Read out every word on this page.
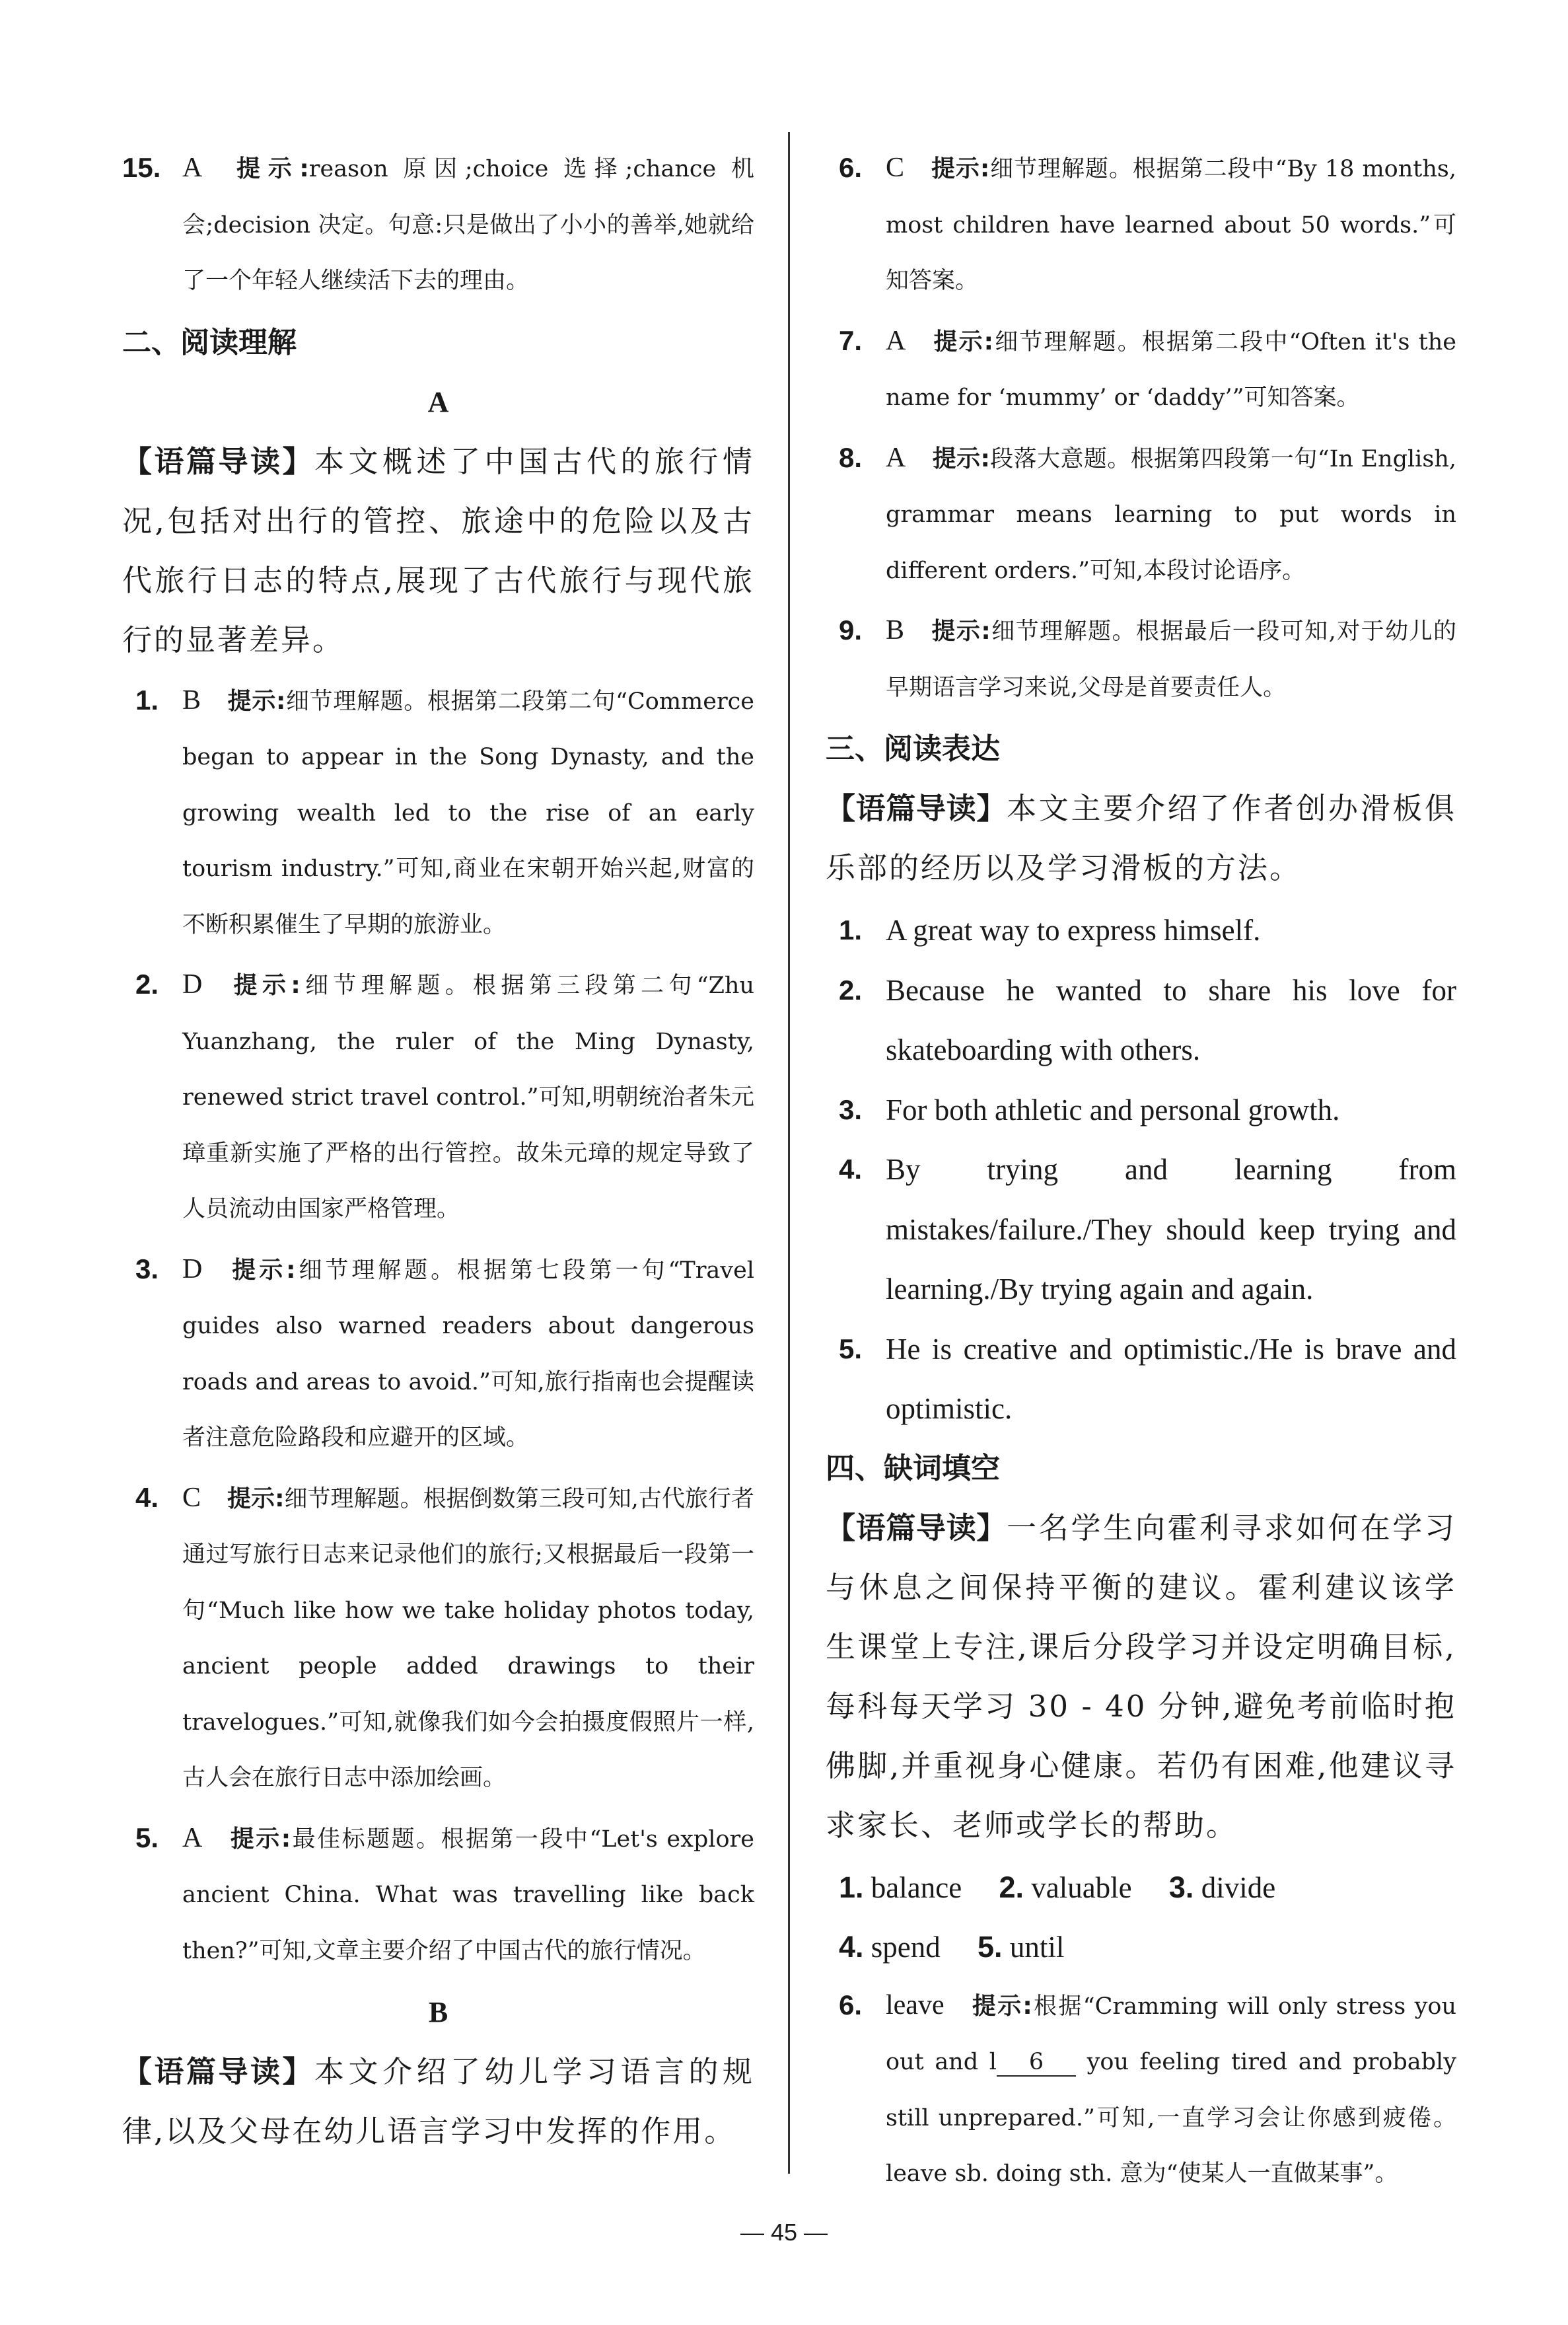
15. A 提示:reason 原因;choice 选择;chance 机会;decision 决定。句意:只是做出了小小的善举,她就给了一个年轻人继续活下去的理由。
二、阅读理解
A
【语篇导读】本文概述了中国古代的旅行情况,包括对出行的管控、旅途中的危险以及古代旅行日志的特点,展现了古代旅行与现代旅行的显著差异。
1. B 提示:细节理解题。根据第二段第二句“Commerce began to appear in the Song Dynasty, and the growing wealth led to the rise of an early tourism industry.”可知,商业在宋朝开始兴起,财富的不断积累催生了早期的旅游业。
2. D 提示:细节理解题。根据第三段第二句“Zhu Yuanzhang, the ruler of the Ming Dynasty, renewed strict travel control.”可知,明朝统治者朱元璋重新实施了严格的出行管控。故朱元璋的规定导致了人员流动由国家严格管理。
3. D 提示:细节理解题。根据第七段第一句“Travel guides also warned readers about dangerous roads and areas to avoid.”可知,旅行指南也会提醒读者注意危险路段和应避开的区域。
4. C 提示:细节理解题。根据倒数第三段可知,古代旅行者通过写旅行日志来记录他们的旅行;又根据最后一段第一句“Much like how we take holiday photos today, ancient people added drawings to their travelogues.”可知,就像我们如今会拍摄度假照片一样,古人会在旅行日志中添加绘画。
5. A 提示:最佳标题题。根据第一段中“Let's explore ancient China. What was travelling like back then?”可知,文章主要介绍了中国古代的旅行情况。
B
【语篇导读】本文介绍了幼儿学习语言的规律,以及父母在幼儿语言学习中发挥的作用。
6. C 提示:细节理解题。根据第二段中“By 18 months, most children have learned about 50 words.”可知答案。
7. A 提示:细节理解题。根据第二段中“Often it's the name for ‘mummy’ or ‘daddy’”可知答案。
8. A 提示:段落大意题。根据第四段第一句“In English, grammar means learning to put words in different orders.”可知,本段讨论语序。
9. B 提示:细节理解题。根据最后一段可知,对于幼儿的早期语言学习来说,父母是首要责任人。
三、阅读表达
【语篇导读】本文主要介绍了作者创办滑板俱乐部的经历以及学习滑板的方法。
1. A great way to express himself.
2. Because he wanted to share his love for skateboarding with others.
3. For both athletic and personal growth.
4. By trying and learning from mistakes/failure./They should keep trying and learning./By trying again and again.
5. He is creative and optimistic./He is brave and optimistic.
四、缺词填空
【语篇导读】一名学生向霍利寻求如何在学习与休息之间保持平衡的建议。霍利建议该学生课堂上专注,课后分段学习并设定明确目标,每科每天学习 30 - 40 分钟,避免考前临时抱佛脚,并重视身心健康。若仍有困难,他建议寻求家长、老师或学长的帮助。
1. balance 2. valuable 3. divide
4. spend 5. until
6. leave 提示:根据“Cramming will only stress you out and l 6 you feeling tired and probably still unprepared.”可知,一直学习会让你感到疲倦。leave sb. doing sth. 意为“使某人一直做某事”。
— 45 —
